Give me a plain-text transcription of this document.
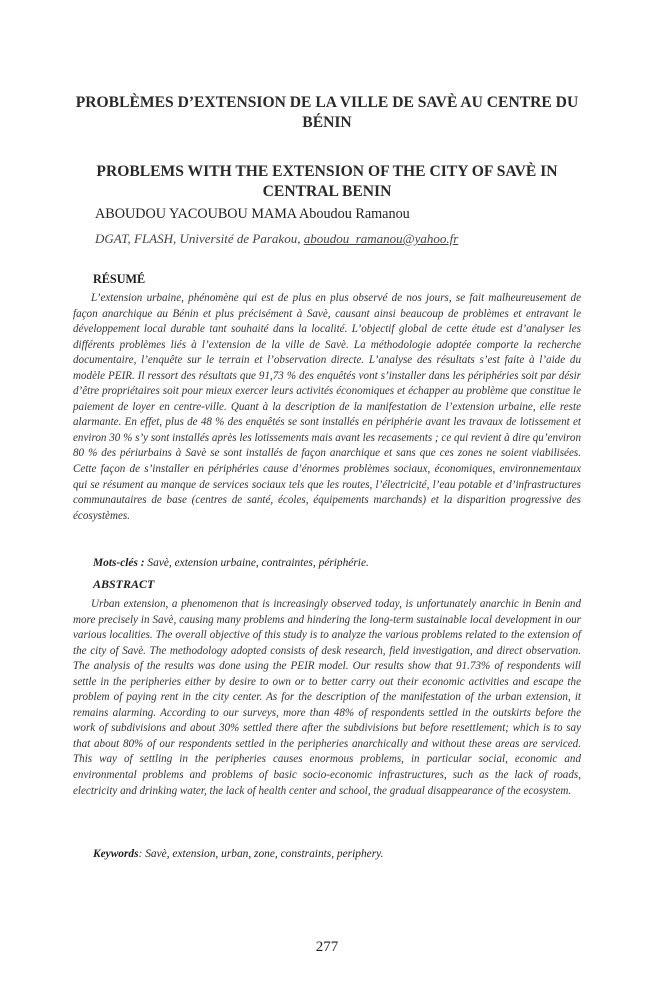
PROBLÈMES D’EXTENSION DE LA VILLE DE SAVÈ AU CENTRE DU BÉNIN
PROBLEMS WITH THE EXTENSION OF THE CITY OF SAVÈ IN CENTRAL BENIN
ABOUDOU YACOUBOU MAMA Aboudou Ramanou
DGAT, FLASH, Université de Parakou, aboudou_ramanou@yahoo.fr
RÉSUMÉ

L’extension urbaine, phénomène qui est de plus en plus observé de nos jours, se fait malheureusement de façon anarchique au Bénin et plus précisément à Savè, causant ainsi beaucoup de problèmes et entravant le développement local durable tant souhaité dans la localité. L’objectif global de cette étude est d’analyser les différents problèmes liés à l’extension de la ville de Savè. La méthodologie adoptée comporte la recherche documentaire, l’enquête sur le terrain et l’observation directe. L’analyse des résultats s’est faite à l’aide du modèle PEIR. Il ressort des résultats que 91,73 % des enquêtés vont s’installer dans les périphéries soit par désir d’être propriétaires soit pour mieux exercer leurs activités économiques et échapper au problème que constitue le paiement de loyer en centre-ville. Quant à la description de la manifestation de l’extension urbaine, elle reste alarmante. En effet, plus de 48 % des enquêtés se sont installés en périphérie avant les travaux de lotissement et environ 30 % s’y sont installés après les lotissements mais avant les recasements ; ce qui revient à dire qu’environ 80 % des périurbains à Savè se sont installés de façon anarchique et sans que ces zones ne soient viabilisées. Cette façon de s’installer en périphéries cause d’énormes problèmes sociaux, économiques, environnementaux qui se résument au manque de services sociaux tels que les routes, l’électricité, l’eau potable et d’infrastructures communautaires de base (centres de santé, écoles, équipements marchands) et la disparition progressive des écosystèmes.

Mots-clés : Savè, extension urbaine, contraintes, périphérie.

ABSTRACT

Urban extension, a phenomenon that is increasingly observed today, is unfortunately anarchic in Benin and more precisely in Savè, causing many problems and hindering the long-term sustainable local development in our various localities. The overall objective of this study is to analyze the various problems related to the extension of the city of Savè. The methodology adopted consists of desk research, field investigation, and direct observation. The analysis of the results was done using the PEIR model. Our results show that 91.73% of respondents will settle in the peripheries either by desire to own or to better carry out their economic activities and escape the problem of paying rent in the city center. As for the description of the manifestation of the urban extension, it remains alarming. According to our surveys, more than 48% of respondents settled in the outskirts before the work of subdivisions and about 30% settled there after the subdivisions but before resettlement; which is to say that about 80% of our respondents settled in the peripheries anarchically and without these areas are serviced. This way of settling in the peripheries causes enormous problems, in particular social, economic and environmental problems and problems of basic socio-economic infrastructures, such as the lack of roads, electricity and drinking water, the lack of health center and school, the gradual disappearance of the ecosystem.

Keywords: Savè, extension, urban, zone, constraints, periphery.

277
